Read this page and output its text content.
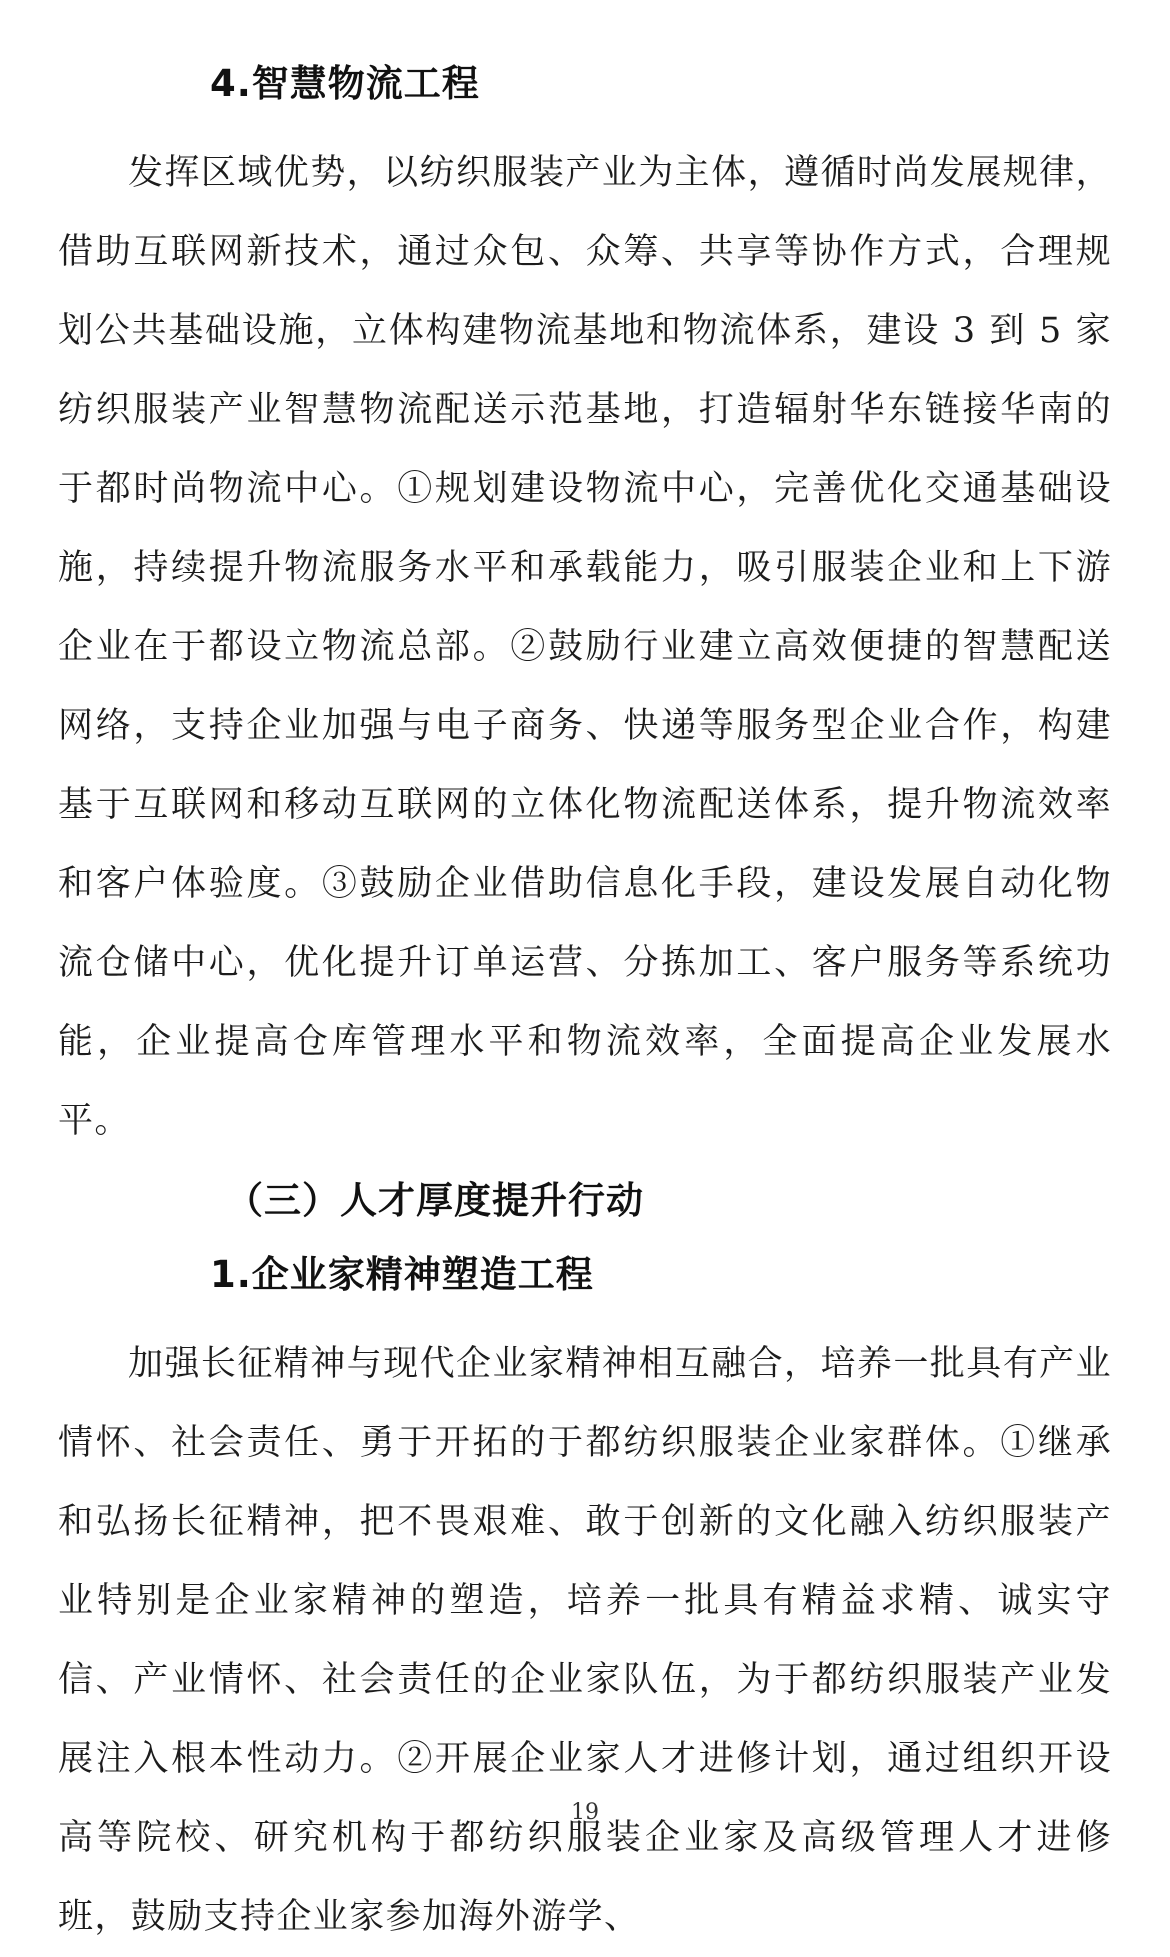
4.智慧物流工程

发挥区域优势，以纺织服装产业为主体，遵循时尚发展规律，借助互联网新技术，通过众包、众筹、共享等协作方式，合理规划公共基础设施，立体构建物流基地和物流体系，建设 3 到 5 家纺织服装产业智慧物流配送示范基地，打造辐射华东链接华南的于都时尚物流中心。①规划建设物流中心，完善优化交通基础设施，持续提升物流服务水平和承载能力，吸引服装企业和上下游企业在于都设立物流总部。②鼓励行业建立高效便捷的智慧配送网络，支持企业加强与电子商务、快递等服务型企业合作，构建基于互联网和移动互联网的立体化物流配送体系，提升物流效率和客户体验度。③鼓励企业借助信息化手段，建设发展自动化物流仓储中心，优化提升订单运营、分拣加工、客户服务等系统功能，企业提高仓库管理水平和物流效率，全面提高企业发展水平。

（三）人才厚度提升行动
1.企业家精神塑造工程

加强长征精神与现代企业家精神相互融合，培养一批具有产业情怀、社会责任、勇于开拓的于都纺织服装企业家群体。①继承和弘扬长征精神，把不畏艰难、敢于创新的文化融入纺织服装产业特别是企业家精神的塑造，培养一批具有精益求精、诚实守信、产业情怀、社会责任的企业家队伍，为于都纺织服装产业发展注入根本性动力。②开展企业家人才进修计划，通过组织开设高等院校、研究机构于都纺织服装企业家及高级管理人才进修班，鼓励支持企业家参加海外游学、

19
